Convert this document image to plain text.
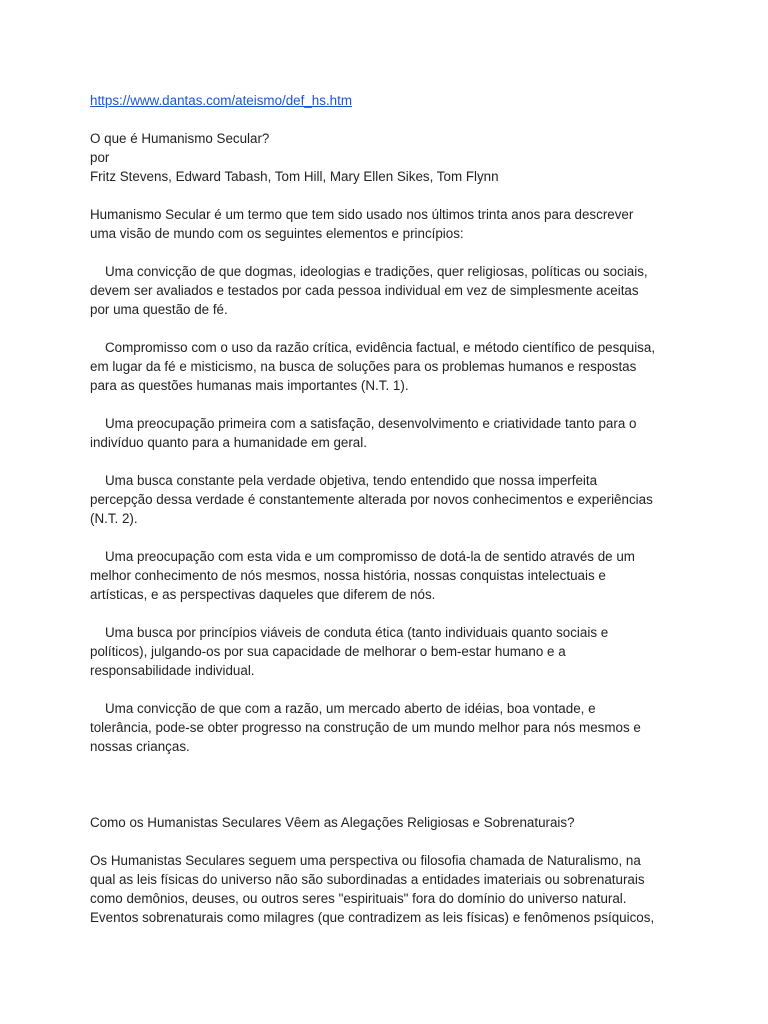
https://www.dantas.com/ateismo/def_hs.htm
O que é Humanismo Secular?
por
Fritz Stevens, Edward Tabash, Tom Hill, Mary Ellen Sikes, Tom Flynn
Humanismo Secular é um termo que tem sido usado nos últimos trinta anos para descrever
uma visão de mundo com os seguintes elementos e princípios:
Uma convicção de que dogmas, ideologias e tradições, quer religiosas, políticas ou sociais,
devem ser avaliados e testados por cada pessoa individual em vez de simplesmente aceitas
por uma questão de fé.
Compromisso com o uso da razão crítica, evidência factual, e método científico de pesquisa,
em lugar da fé e misticismo, na busca de soluções para os problemas humanos e respostas
para as questões humanas mais importantes (N.T. 1).
Uma preocupação primeira com a satisfação, desenvolvimento e criatividade tanto para o
indivíduo quanto para a humanidade em geral.
Uma busca constante pela verdade objetiva, tendo entendido que nossa imperfeita
percepção dessa verdade é constantemente alterada por novos conhecimentos e experiências
(N.T. 2).
Uma preocupação com esta vida e um compromisso de dotá-la de sentido através de um
melhor conhecimento de nós mesmos, nossa história, nossas conquistas intelectuais e
artísticas, e as perspectivas daqueles que diferem de nós.
Uma busca por princípios viáveis de conduta ética (tanto individuais quanto sociais e
políticos), julgando-os por sua capacidade de melhorar o bem-estar humano e a
responsabilidade individual.
Uma convicção de que com a razão, um mercado aberto de idéias, boa vontade, e
tolerância, pode-se obter progresso na construção de um mundo melhor para nós mesmos e
nossas crianças.
Como os Humanistas Seculares Vêem as Alegações Religiosas e Sobrenaturais?
Os Humanistas Seculares seguem uma perspectiva ou filosofia chamada de Naturalismo, na
qual as leis físicas do universo não são subordinadas a entidades imateriais ou sobrenaturais
como demônios, deuses, ou outros seres "espirituais" fora do domínio do universo natural.
Eventos sobrenaturais como milagres (que contradizem as leis físicas) e fenômenos psíquicos,
